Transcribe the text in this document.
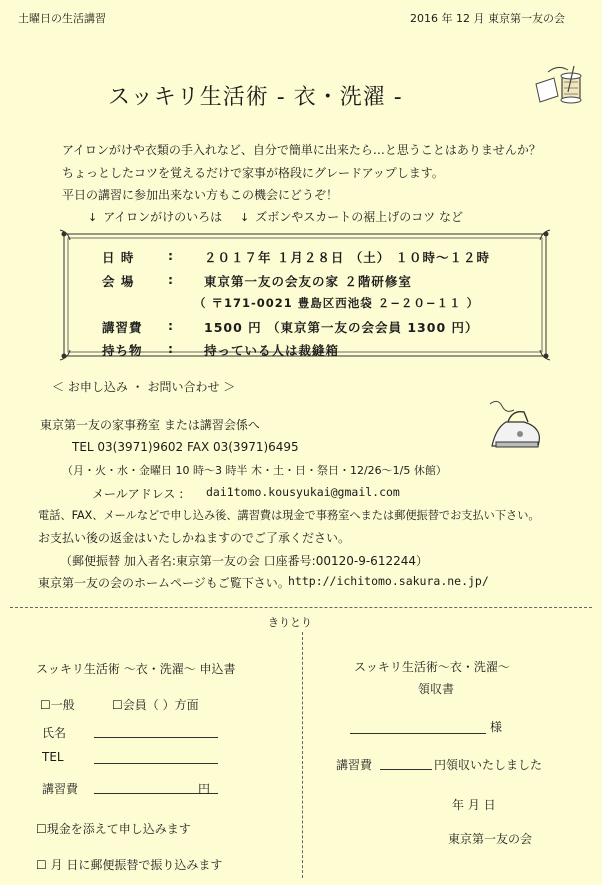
土曜日の生活講習	2016 年 12 月 東京第一友の会
スッキリ生活術 - 衣・洗濯 -
アイロンがけや衣類の手入れなど、自分で簡単に出来たら…と思うことはありませんか？
ちょっとしたコツを覚えるだけで家事が格段にグレードアップします。
平日の講習に参加出来ない方もこの機会にどうぞ！
↓ アイロンがけのいろは ↓ ズボンやスカートの裾上げのコツ など
日 時	: ２０１７年 １月２８日 （土） １０時～１２時
会 場	: 東京第一友の会友の家 ２階研修室
（ 〒171-0021 豊島区西池袋 ２−２０−１１ ）
講習費 : 1500 円 （東京第一友の会会員 1300 円）
持ち物 : 持っている人は裁縫箱
＜ お申し込み ・ お問い合わせ ＞
東京第一友の家事務室 または講習会係へ
TEL 03(3971)9602 FAX 03(3971)6495
（月・火・水・金曜日 10 時～3 時半 木・土・日・祭日・12/26～1/5 休館）
メールアドレス : dai1tomo.kousyukai@gmail.com
電話、FAX、メールなどで申し込み後、講習費は現金で事務室へまたは郵便振替でお支払い下さい。
お支払い後の返金はいたしかねますのでご了承ください。
（郵便振替 加入者名:東京第一友の会 口座番号:00120-9-612244）
東京第一友の会のホームページもご覧下さい。
http://ichitomo.sakura.ne.jp/
きりとり
スッキリ生活術 ～衣・洗濯～ 申込書
☐一般	☐会員（ ）方面
氏名
TEL
講習費	円
☐現金を添えて申し込みます
☐ 月 日に郵便振替で振り込みます
スッキリ生活術～衣・洗濯～
領収書
様
講習費	円領収いたしました
年 月 日
東京第一友の会
